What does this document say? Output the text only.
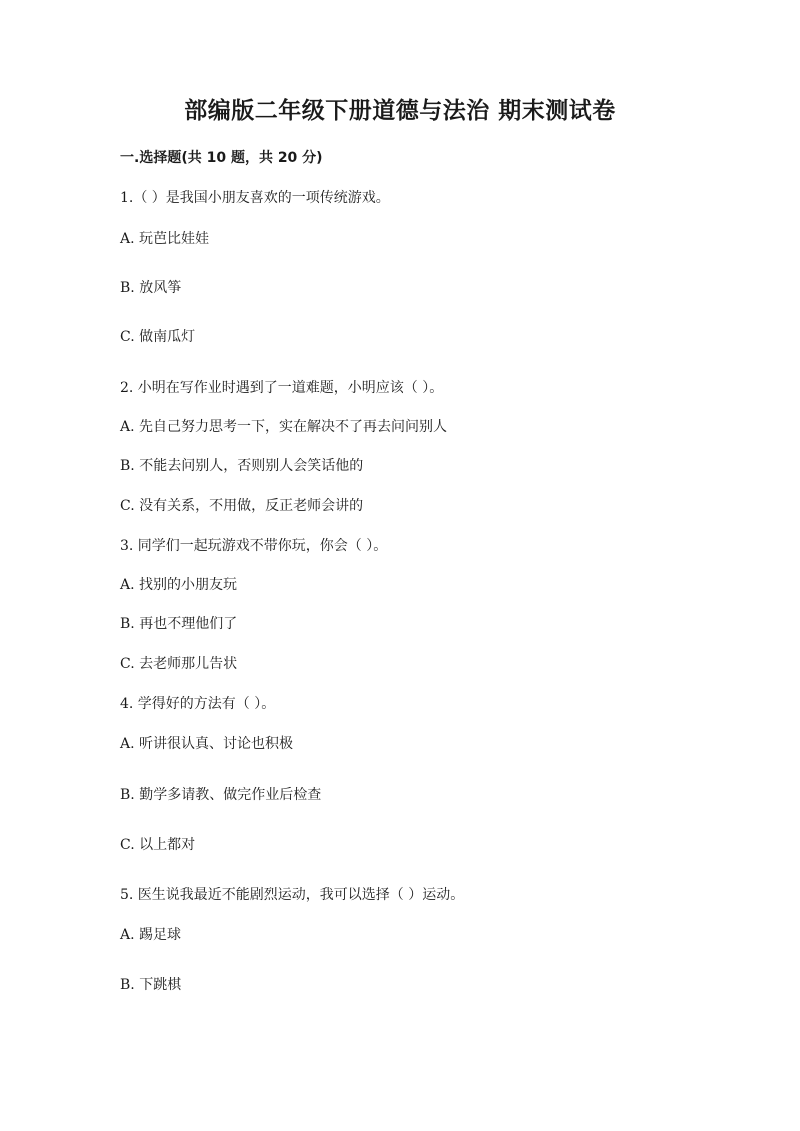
部编版二年级下册道德与法治 期末测试卷
一.选择题(共 10 题，共 20 分)
1.（ ）是我国小朋友喜欢的一项传统游戏。
A. 玩芭比娃娃
B. 放风筝
C. 做南瓜灯
2. 小明在写作业时遇到了一道难题，小明应该（ ）。
A. 先自己努力思考一下，实在解决不了再去问问别人
B. 不能去问别人，否则别人会笑话他的
C. 没有关系，不用做，反正老师会讲的
3. 同学们一起玩游戏不带你玩，你会（ ）。
A. 找别的小朋友玩
B. 再也不理他们了
C. 去老师那儿告状
4. 学得好的方法有（ ）。
A. 听讲很认真、讨论也积极
B. 勤学多请教、做完作业后检查
C. 以上都对
5. 医生说我最近不能剧烈运动，我可以选择（ ）运动。
A. 踢足球
B. 下跳棋
